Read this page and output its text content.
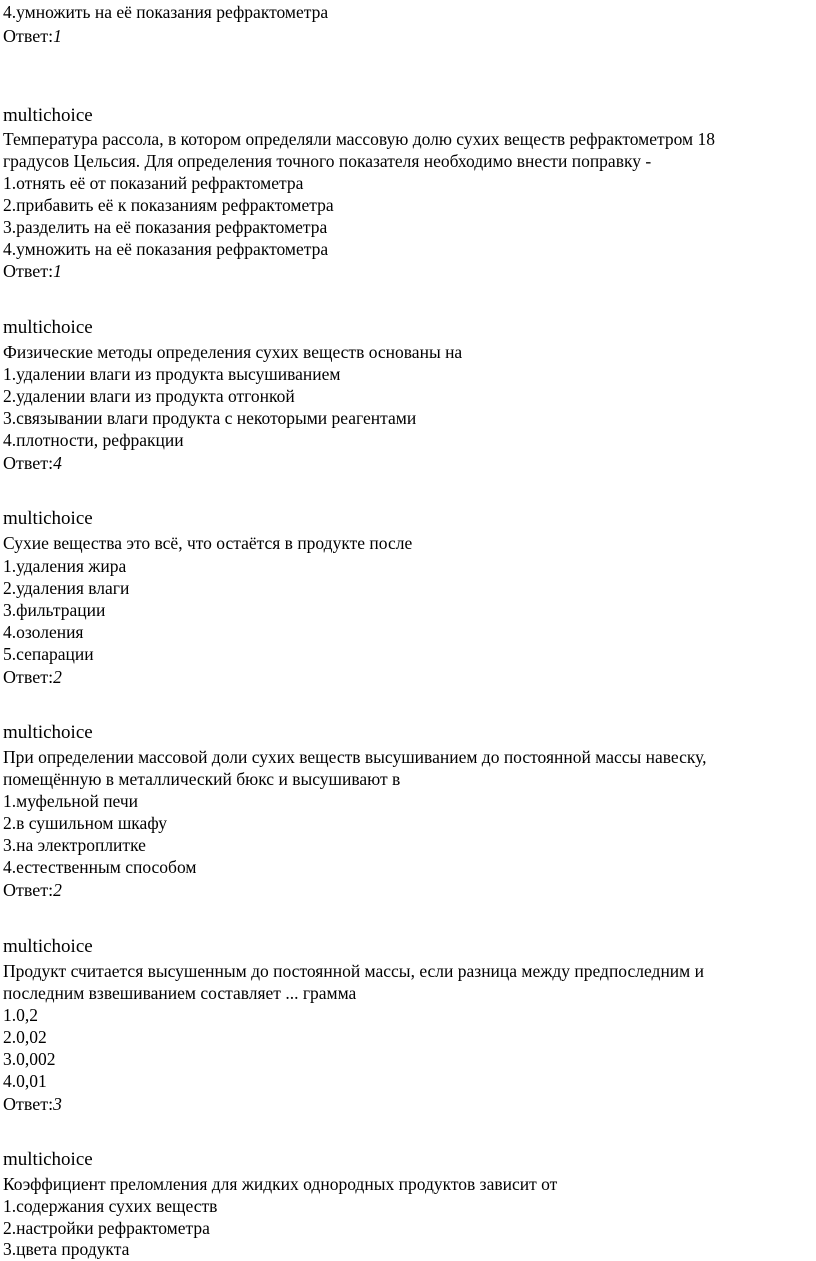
4.умножить на её показания рефрактометра
Ответ:1
multichoice
Температура рассола, в котором определяли массовую долю сухих веществ рефрактометром 18
градусов Цельсия. Для определения точного показателя необходимо внести поправку -
1.отнять её от показаний рефрактометра
2.прибавить её к показаниям рефрактометра
3.разделить на её показания рефрактометра
4.умножить на её показания рефрактометра
Ответ:1
multichoice
Физические методы определения сухих веществ основаны на
1.удалении влаги из продукта высушиванием
2.удалении влаги из продукта отгонкой
3.связывании влаги продукта с некоторыми реагентами
4.плотности, рефракции
Ответ:4
multichoice
Сухие вещества это всё, что остаётся в продукте после
1.удаления жира
2.удаления влаги
3.фильтрации
4.озоления
5.сепарации
Ответ:2
multichoice
При определении массовой доли сухих веществ высушиванием до постоянной массы навеску,
помещённую в металлический бюкс и высушивают в
1.муфельной печи
2.в сушильном шкафу
3.на электроплитке
4.естественным способом
Ответ:2
multichoice
Продукт считается высушенным до постоянной массы, если разница между предпоследним и
последним взвешиванием составляет ... грамма
1.0,2
2.0,02
3.0,002
4.0,01
Ответ:3
multichoice
Коэффициент преломления для жидких однородных продуктов зависит от
1.содержания сухих веществ
2.настройки рефрактометра
3.цвета продукта
